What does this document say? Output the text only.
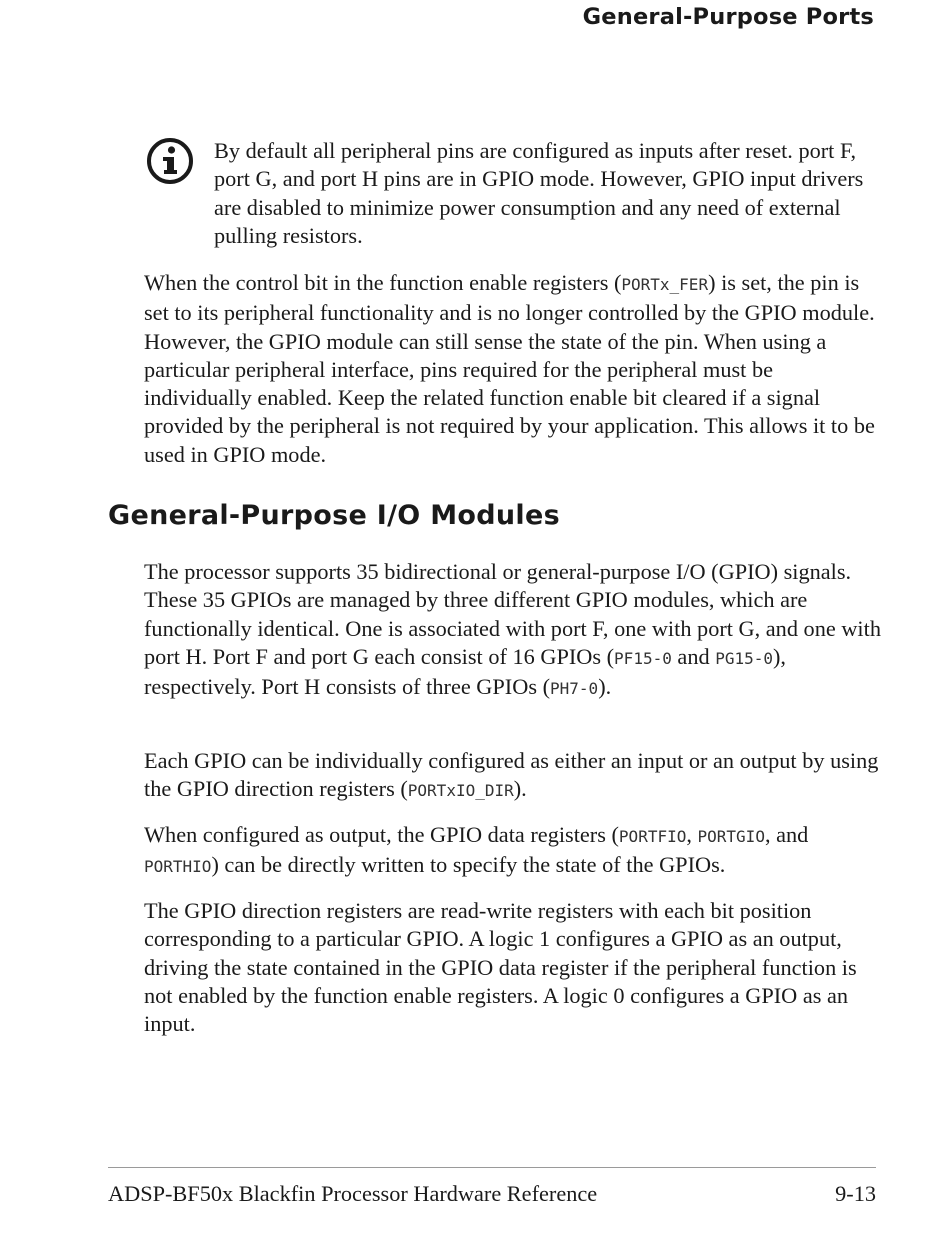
General-Purpose Ports
By default all peripheral pins are configured as inputs after reset. port F, port G, and port H pins are in GPIO mode. However, GPIO input drivers are disabled to minimize power consumption and any need of external pulling resistors.

When the control bit in the function enable registers (PORTx_FER) is set, the pin is set to its peripheral functionality and is no longer controlled by the GPIO module. However, the GPIO module can still sense the state of the pin. When using a particular peripheral interface, pins required for the peripheral must be individually enabled. Keep the related function enable bit cleared if a signal provided by the peripheral is not required by your application. This allows it to be used in GPIO mode.

General-Purpose I/O Modules

The processor supports 35 bidirectional or general-purpose I/O (GPIO) signals. These 35 GPIOs are managed by three different GPIO modules, which are functionally identical. One is associated with port F, one with port G, and one with port H. Port F and port G each consist of 16 GPIOs (PF15-0 and PG15-0), respectively. Port H consists of three GPIOs (PH7-0).

Each GPIO can be individually configured as either an input or an output by using the GPIO direction registers (PORTxIO_DIR).

When configured as output, the GPIO data registers (PORTFIO, PORTGIO, and PORTHIO) can be directly written to specify the state of the GPIOs.

The GPIO direction registers are read-write registers with each bit position corresponding to a particular GPIO. A logic 1 configures a GPIO as an output, driving the state contained in the GPIO data register if the peripheral function is not enabled by the function enable registers. A logic 0 configures a GPIO as an input.

ADSP-BF50x Blackfin Processor Hardware Reference	9-13
